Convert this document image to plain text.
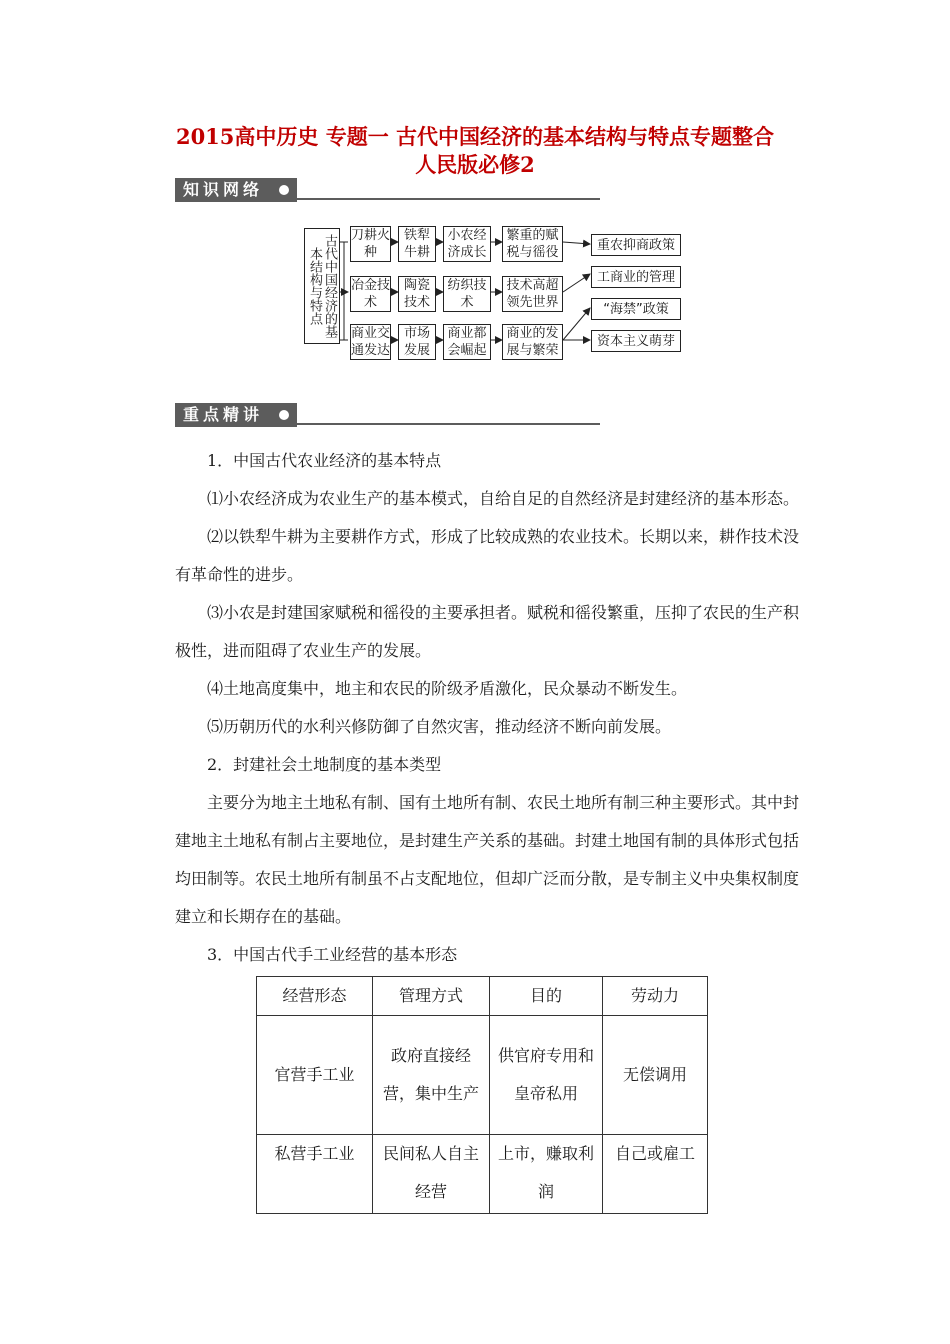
2015高中历史 专题一 古代中国经济的基本结构与特点专题整合
人民版必修2
知识网络
古代中国经济的基本结构与特点
刀耕火种
铁犁牛耕
小农经济成长
繁重的赋税与徭役
冶金技术
陶瓷技术
纺织技术
技术高超领先世界
商业交通发达
市场发展
商业都会崛起
商业的发展与繁荣
重农抑商政策
工商业的管理
“海禁”政策
资本主义萌芽
重点精讲

1．中国古代农业经济的基本特点

⑴小农经济成为农业生产的基本模式，自给自足的自然经济是封建经济的基本形态。

⑵以铁犁牛耕为主要耕作方式，形成了比较成熟的农业技术。长期以来，耕作技术没有革命性的进步。

⑶小农是封建国家赋税和徭役的主要承担者。赋税和徭役繁重，压抑了农民的生产积极性，进而阻碍了农业生产的发展。

⑷土地高度集中，地主和农民的阶级矛盾激化，民众暴动不断发生。

⑸历朝历代的水利兴修防御了自然灾害，推动经济不断向前发展。

2．封建社会土地制度的基本类型

主要分为地主土地私有制、国有土地所有制、农民土地所有制三种主要形式。其中封建地主土地私有制占主要地位，是封建生产关系的基础。封建土地国有制的具体形式包括均田制等。农民土地所有制虽不占支配地位，但却广泛而分散，是专制主义中央集权制度建立和长期存在的基础。

3．中国古代手工业经营的基本形态

经营形态	管理方式	目的	劳动力
官营手工业	政府直接经营，集中生产	供官府专用和皇帝私用	无偿调用
私营手工业	民间私人自主经营	上市，赚取利润	自己或雇工
